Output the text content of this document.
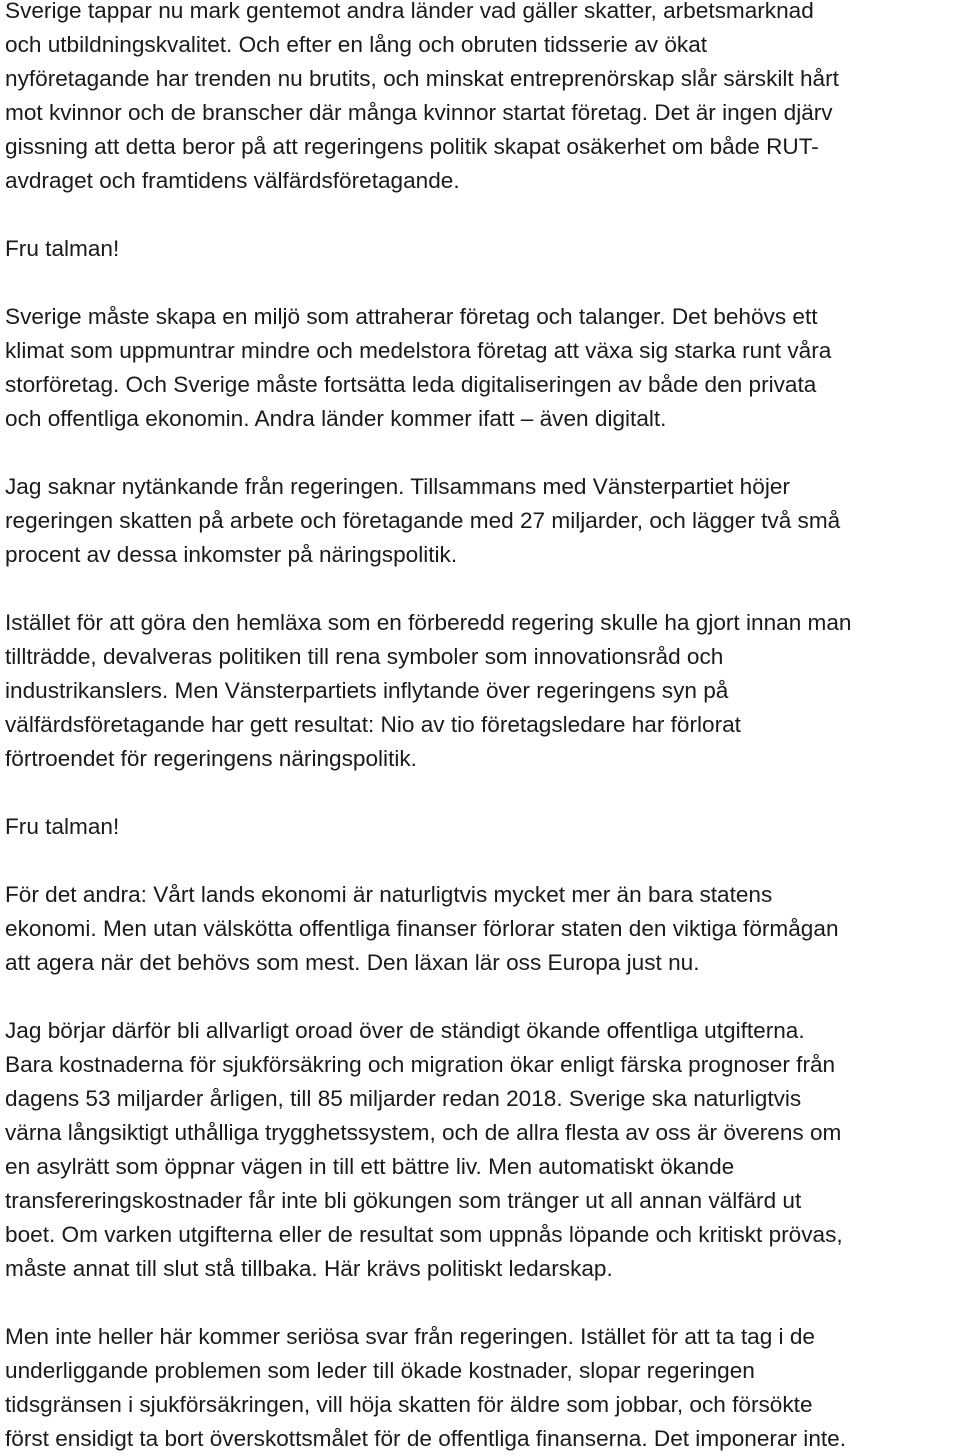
Sverige tappar nu mark gentemot andra länder vad gäller skatter, arbetsmarknad
och utbildningskvalitet. Och efter en lång och obruten tidsserie av ökat
nyföretagande har trenden nu brutits, och minskat entreprenörskap slår särskilt hårt
mot kvinnor och de branscher där många kvinnor startat företag. Det är ingen djärv
gissning att detta beror på att regeringens politik skapat osäkerhet om både RUT-
avdraget och framtidens välfärdsföretagande.
Fru talman!
Sverige måste skapa en miljö som attraherar företag och talanger. Det behövs ett
klimat som uppmuntrar mindre och medelstora företag att växa sig starka runt våra
storföretag. Och Sverige måste fortsätta leda digitaliseringen av både den privata
och offentliga ekonomin. Andra länder kommer ifatt – även digitalt.
Jag saknar nytänkande från regeringen. Tillsammans med Vänsterpartiet höjer
regeringen skatten på arbete och företagande med 27 miljarder, och lägger två små
procent av dessa inkomster på näringspolitik.
Istället för att göra den hemläxa som en förberedd regering skulle ha gjort innan man
tillträdde, devalveras politiken till rena symboler som innovationsråd och
industrikanslers. Men Vänsterpartiets inflytande över regeringens syn på
välfärdsföretagande har gett resultat: Nio av tio företagsledare har förlorat
förtroendet för regeringens näringspolitik.
Fru talman!
För det andra: Vårt lands ekonomi är naturligtvis mycket mer än bara statens
ekonomi. Men utan välskötta offentliga finanser förlorar staten den viktiga förmågan
att agera när det behövs som mest. Den läxan lär oss Europa just nu.
Jag börjar därför bli allvarligt oroad över de ständigt ökande offentliga utgifterna.
Bara kostnaderna för sjukförsäkring och migration ökar enligt färska prognoser från
dagens 53 miljarder årligen, till 85 miljarder redan 2018. Sverige ska naturligtvis
värna långsiktigt uthålliga trygghetssystem, och de allra flesta av oss är överens om
en asylrätt som öppnar vägen in till ett bättre liv. Men automatiskt ökande
transfereringskostnader får inte bli gökungen som tränger ut all annan välfärd ut
boet. Om varken utgifterna eller de resultat som uppnås löpande och kritiskt prövas,
måste annat till slut stå tillbaka. Här krävs politiskt ledarskap.
Men inte heller här kommer seriösa svar från regeringen. Istället för att ta tag i de
underliggande problemen som leder till ökade kostnader, slopar regeringen
tidsgränsen i sjukförsäkringen, vill höja skatten för äldre som jobbar, och försökte
först ensidigt ta bort överskottsmålet för de offentliga finanserna. Det imponerar inte.
